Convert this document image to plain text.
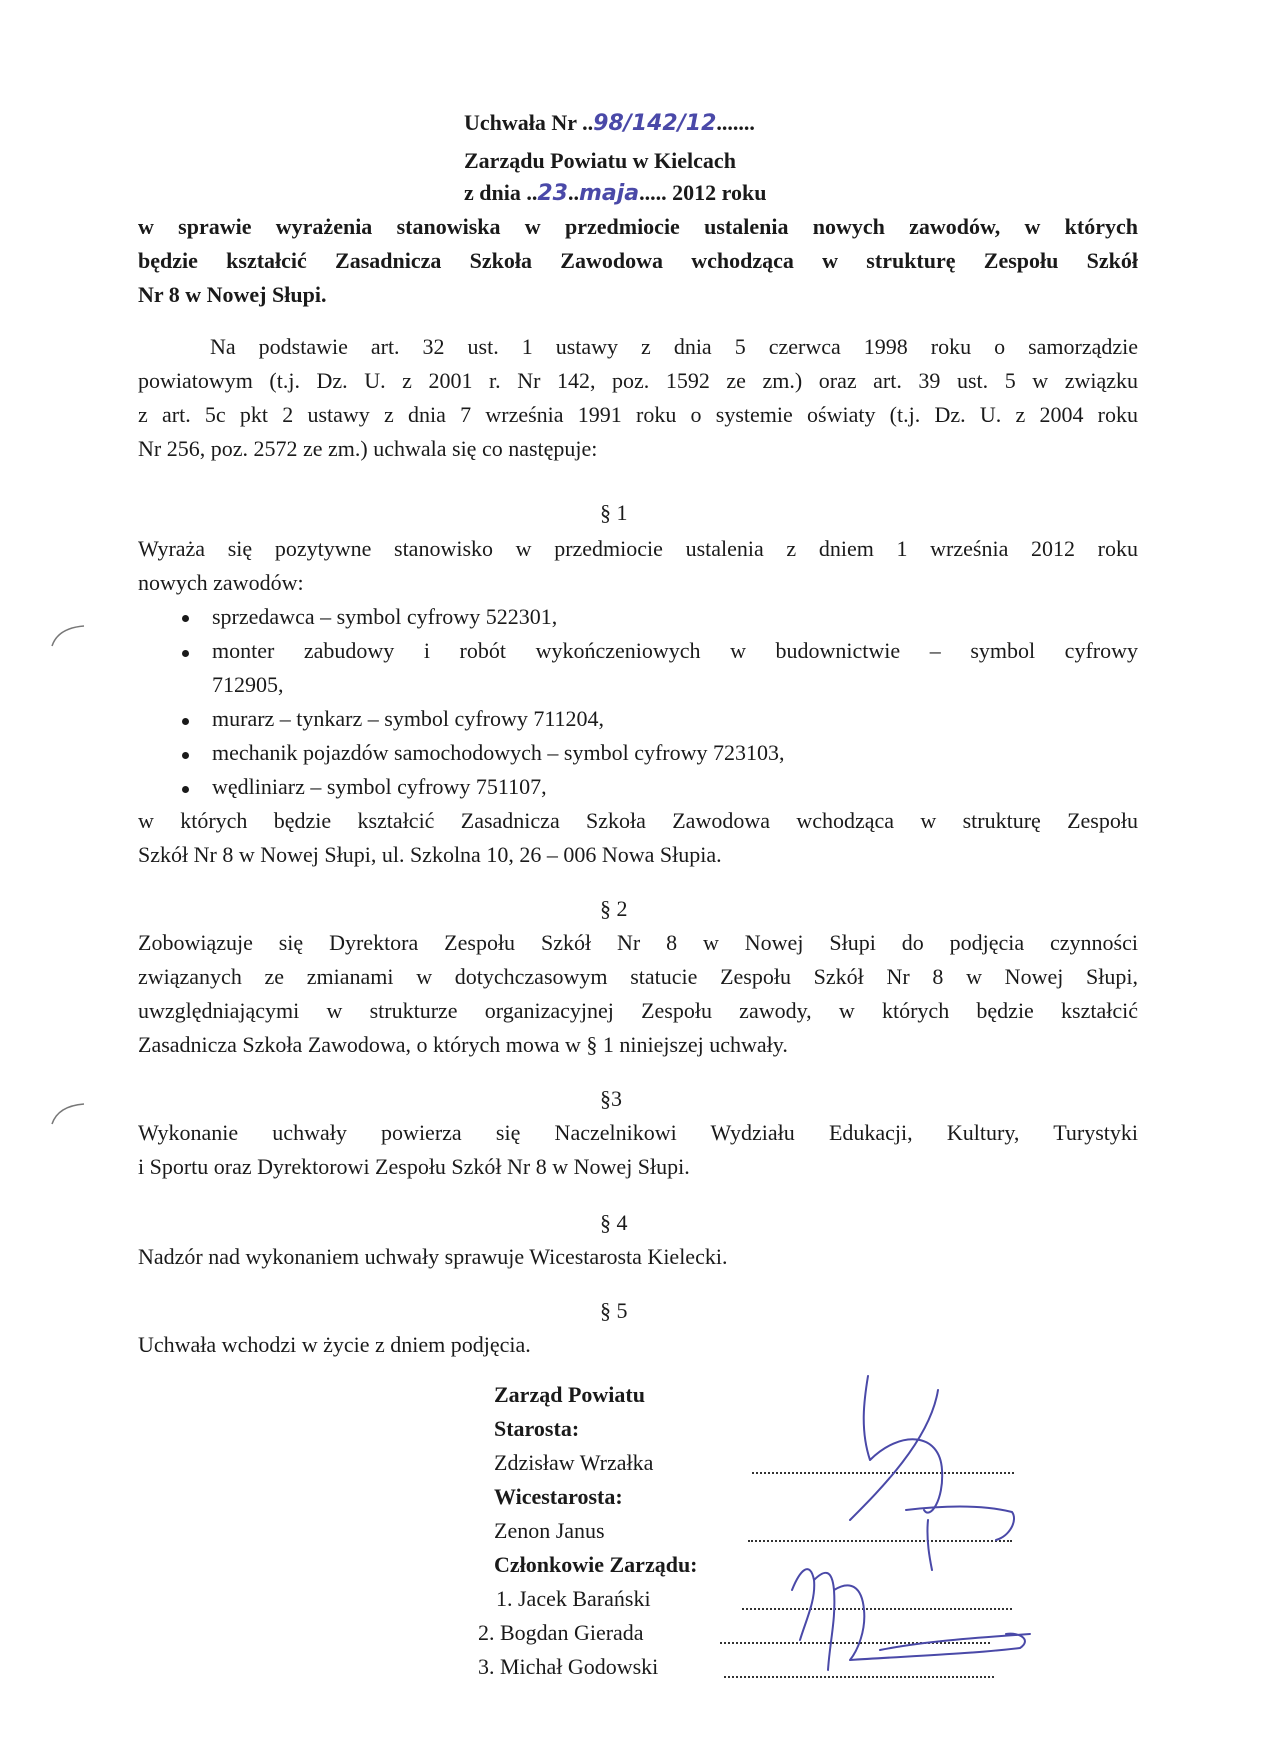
Uchwała Nr ..98/142/12.......
Zarządu Powiatu w Kielcach
z dnia ..23..maja..... 2012 roku
w sprawie wyrażenia stanowiska w przedmiocie ustalenia nowych zawodów, w których
będzie kształcić Zasadnicza Szkoła Zawodowa wchodząca w strukturę Zespołu Szkół
Nr 8 w Nowej Słupi.
Na podstawie art. 32 ust. 1 ustawy z dnia 5 czerwca 1998 roku o samorządzie
powiatowym (t.j. Dz. U. z 2001 r. Nr 142, poz. 1592 ze zm.) oraz art. 39 ust. 5 w związku
z art. 5c pkt 2 ustawy z dnia 7 września 1991 roku o systemie oświaty (t.j. Dz. U. z 2004 roku
Nr 256, poz. 2572 ze zm.) uchwala się co następuje:
§ 1
Wyraża się pozytywne stanowisko w przedmiocie ustalenia z dniem 1 września 2012 roku
nowych zawodów:
sprzedawca – symbol cyfrowy 522301,
monter zabudowy i robót wykończeniowych w budownictwie – symbol cyfrowy
712905,
murarz – tynkarz – symbol cyfrowy 711204,
mechanik pojazdów samochodowych – symbol cyfrowy 723103,
wędliniarz – symbol cyfrowy 751107,
w których będzie kształcić Zasadnicza Szkoła Zawodowa wchodząca w strukturę Zespołu
Szkół Nr 8 w Nowej Słupi, ul. Szkolna 10, 26 – 006 Nowa Słupia.
§ 2
Zobowiązuje się Dyrektora Zespołu Szkół Nr 8 w Nowej Słupi do podjęcia czynności
związanych ze zmianami w dotychczasowym statucie Zespołu Szkół Nr 8 w Nowej Słupi,
uwzględniającymi w strukturze organizacyjnej Zespołu zawody, w których będzie kształcić
Zasadnicza Szkoła Zawodowa, o których mowa w § 1 niniejszej uchwały.
§3
Wykonanie uchwały powierza się Naczelnikowi Wydziału Edukacji, Kultury, Turystyki
i Sportu oraz Dyrektorowi Zespołu Szkół Nr 8 w Nowej Słupi.
§ 4
Nadzór nad wykonaniem uchwały sprawuje Wicestarosta Kielecki.
§ 5
Uchwała wchodzi w życie z dniem podjęcia.
Zarząd Powiatu
Starosta:
Zdzisław Wrzałka
Wicestarosta:
Zenon Janus
Członkowie Zarządu:
1. Jacek Barański
2. Bogdan Gierada
3. Michał Godowski
